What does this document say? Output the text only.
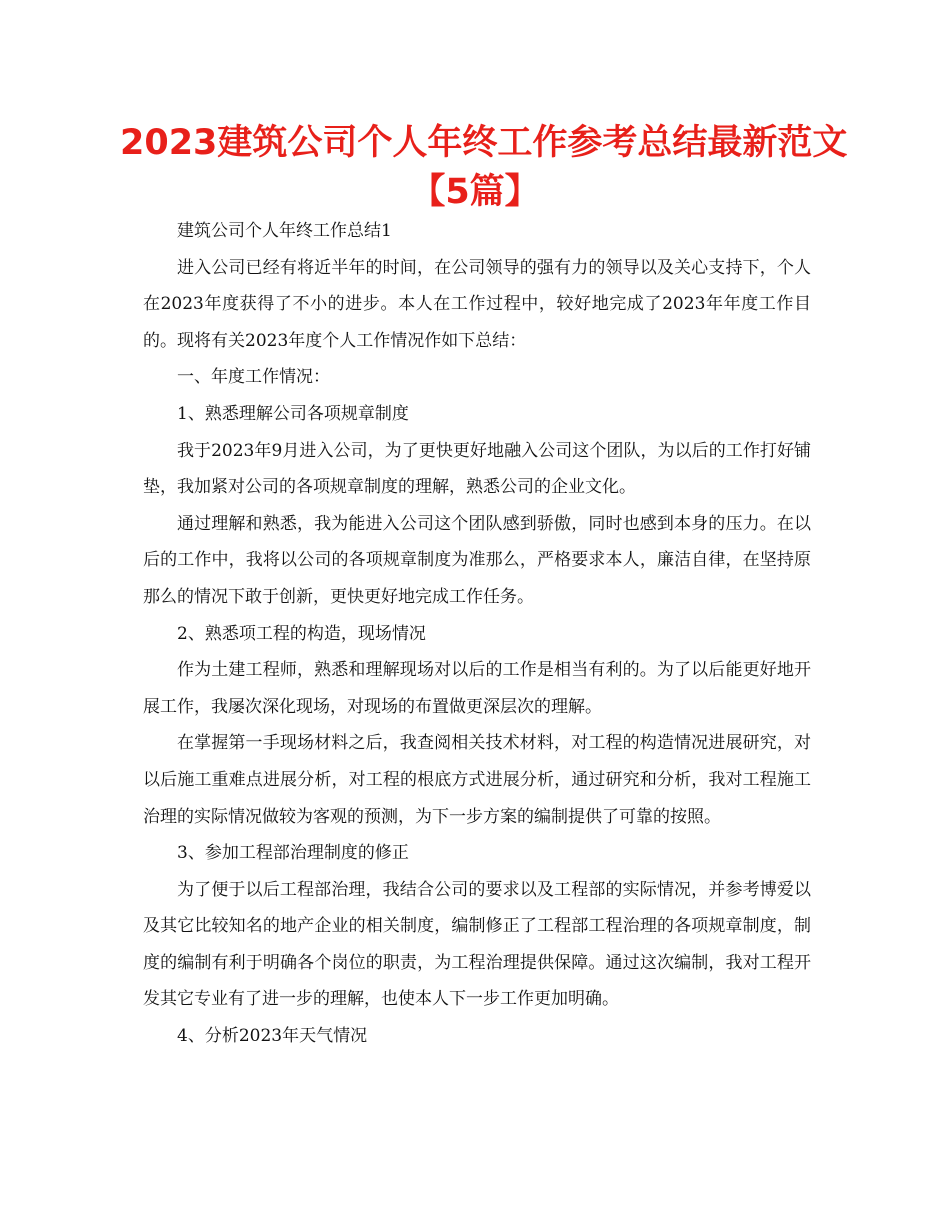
2023建筑公司个人年终工作参考总结最新范文
【5篇】

建筑公司个人年终工作总结1

进入公司已经有将近半年的时间，在公司领导的强有力的领导以及关心支持下，个人在2023年度获得了不小的进步。本人在工作过程中，较好地完成了2023年年度工作目的。现将有关2023年度个人工作情况作如下总结：

一、年度工作情况：

1、熟悉理解公司各项规章制度

我于2023年9月进入公司，为了更快更好地融入公司这个团队，为以后的工作打好铺垫，我加紧对公司的各项规章制度的理解，熟悉公司的企业文化。

通过理解和熟悉，我为能进入公司这个团队感到骄傲，同时也感到本身的压力。在以后的工作中，我将以公司的各项规章制度为准那么，严格要求本人，廉洁自律，在坚持原那么的情况下敢于创新，更快更好地完成工作任务。

2、熟悉项工程的构造，现场情况

作为土建工程师，熟悉和理解现场对以后的工作是相当有利的。为了以后能更好地开展工作，我屡次深化现场，对现场的布置做更深层次的理解。

在掌握第一手现场材料之后，我查阅相关技术材料，对工程的构造情况进展研究，对以后施工重难点进展分析，对工程的根底方式进展分析，通过研究和分析，我对工程施工治理的实际情况做较为客观的预测，为下一步方案的编制提供了可靠的按照。

3、参加工程部治理制度的修正

为了便于以后工程部治理，我结合公司的要求以及工程部的实际情况，并参考博爱以及其它比较知名的地产企业的相关制度，编制修正了工程部工程治理的各项规章制度，制度的编制有利于明确各个岗位的职责，为工程治理提供保障。通过这次编制，我对工程开发其它专业有了进一步的理解，也使本人下一步工作更加明确。

4、分析2023年天气情况
